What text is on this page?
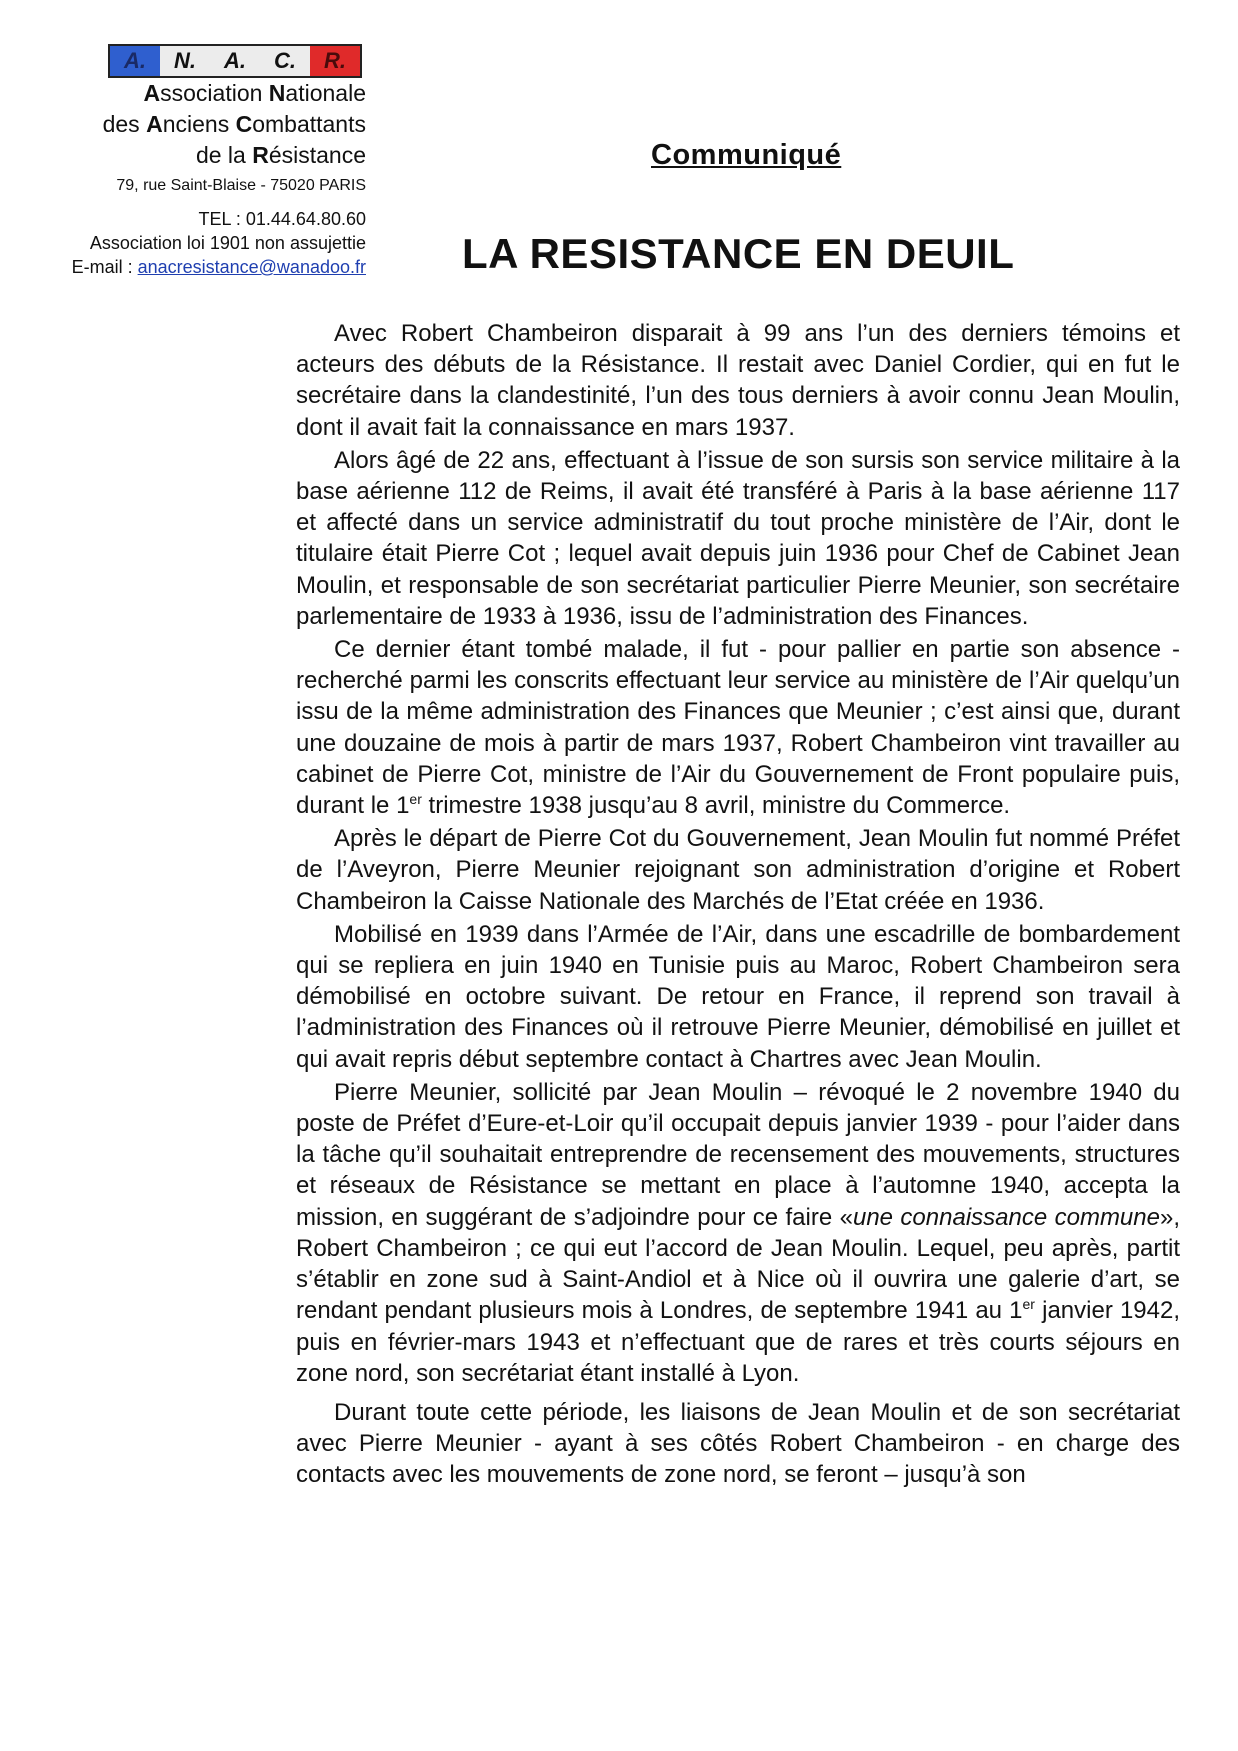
A.	N.	A.	C.	R.
Association Nationale
des Anciens Combattants
de la Résistance
79, rue Saint-Blaise - 75020 PARIS
TEL : 01.44.64.80.60
Association loi 1901 non assujettie
E-mail : anacresistance@wanadoo.fr
Communiqué
LA RESISTANCE EN DEUIL

Avec Robert Chambeiron disparait à 99 ans l’un des derniers témoins et acteurs des débuts de la Résistance. Il restait avec Daniel Cordier, qui en fut le secrétaire dans la clandestinité, l’un des tous derniers à avoir connu Jean Moulin, dont il avait fait la connaissance en mars 1937.

Alors âgé de 22 ans, effectuant à l’issue de son sursis son service militaire à la base aérienne 112 de Reims, il avait été transféré à Paris à la base aérienne 117 et affecté dans un service administratif du tout proche ministère de l’Air, dont le titulaire était Pierre Cot ; lequel avait depuis juin 1936 pour Chef de Cabinet Jean Moulin, et responsable de son secrétariat particulier Pierre Meunier, son secrétaire parlementaire de 1933 à 1936, issu de l’administration des Finances.

Ce dernier étant tombé malade, il fut - pour pallier en partie son absence - recherché parmi les conscrits effectuant leur service au ministère de l’Air quelqu’un issu de la même administration des Finances que Meunier ; c’est ainsi que, durant une douzaine de mois à partir de mars 1937, Robert Chambeiron vint travailler au cabinet de Pierre Cot, ministre de l’Air du Gouvernement de Front populaire puis, durant le 1er trimestre 1938 jusqu’au 8 avril, ministre du Commerce.

Après le départ de Pierre Cot du Gouvernement, Jean Moulin fut nommé Préfet de l’Aveyron, Pierre Meunier rejoignant son administration d’origine et Robert Chambeiron la Caisse Nationale des Marchés de l’Etat créée en 1936.

Mobilisé en 1939 dans l’Armée de l’Air, dans une escadrille de bombardement qui se repliera en juin 1940 en Tunisie puis au Maroc, Robert Chambeiron sera démobilisé en octobre suivant. De retour en France, il reprend son travail à l’administration des Finances où il retrouve Pierre Meunier, démobilisé en juillet et qui avait repris début septembre contact à Chartres avec Jean Moulin.

Pierre Meunier, sollicité par Jean Moulin – révoqué le 2 novembre 1940 du poste de Préfet d’Eure-et-Loir qu’il occupait depuis janvier 1939 - pour l’aider dans la tâche qu’il souhaitait entreprendre de recensement des mouvements, structures et réseaux de Résistance se mettant en place à l’automne 1940, accepta la mission, en suggérant de s’adjoindre pour ce faire «une connaissance commune», Robert Chambeiron ; ce qui eut l’accord de Jean Moulin. Lequel, peu après, partit s’établir en zone sud à Saint-Andiol et à Nice où il ouvrira une galerie d’art, se rendant pendant plusieurs mois à Londres, de septembre 1941 au 1er janvier 1942, puis en février-mars 1943 et n’effectuant que de rares et très courts séjours en zone nord, son secrétariat étant installé à Lyon.

Durant toute cette période, les liaisons de Jean Moulin et de son secrétariat avec Pierre Meunier - ayant à ses côtés Robert Chambeiron - en charge des contacts avec les mouvements de zone nord, se feront – jusqu’à son
